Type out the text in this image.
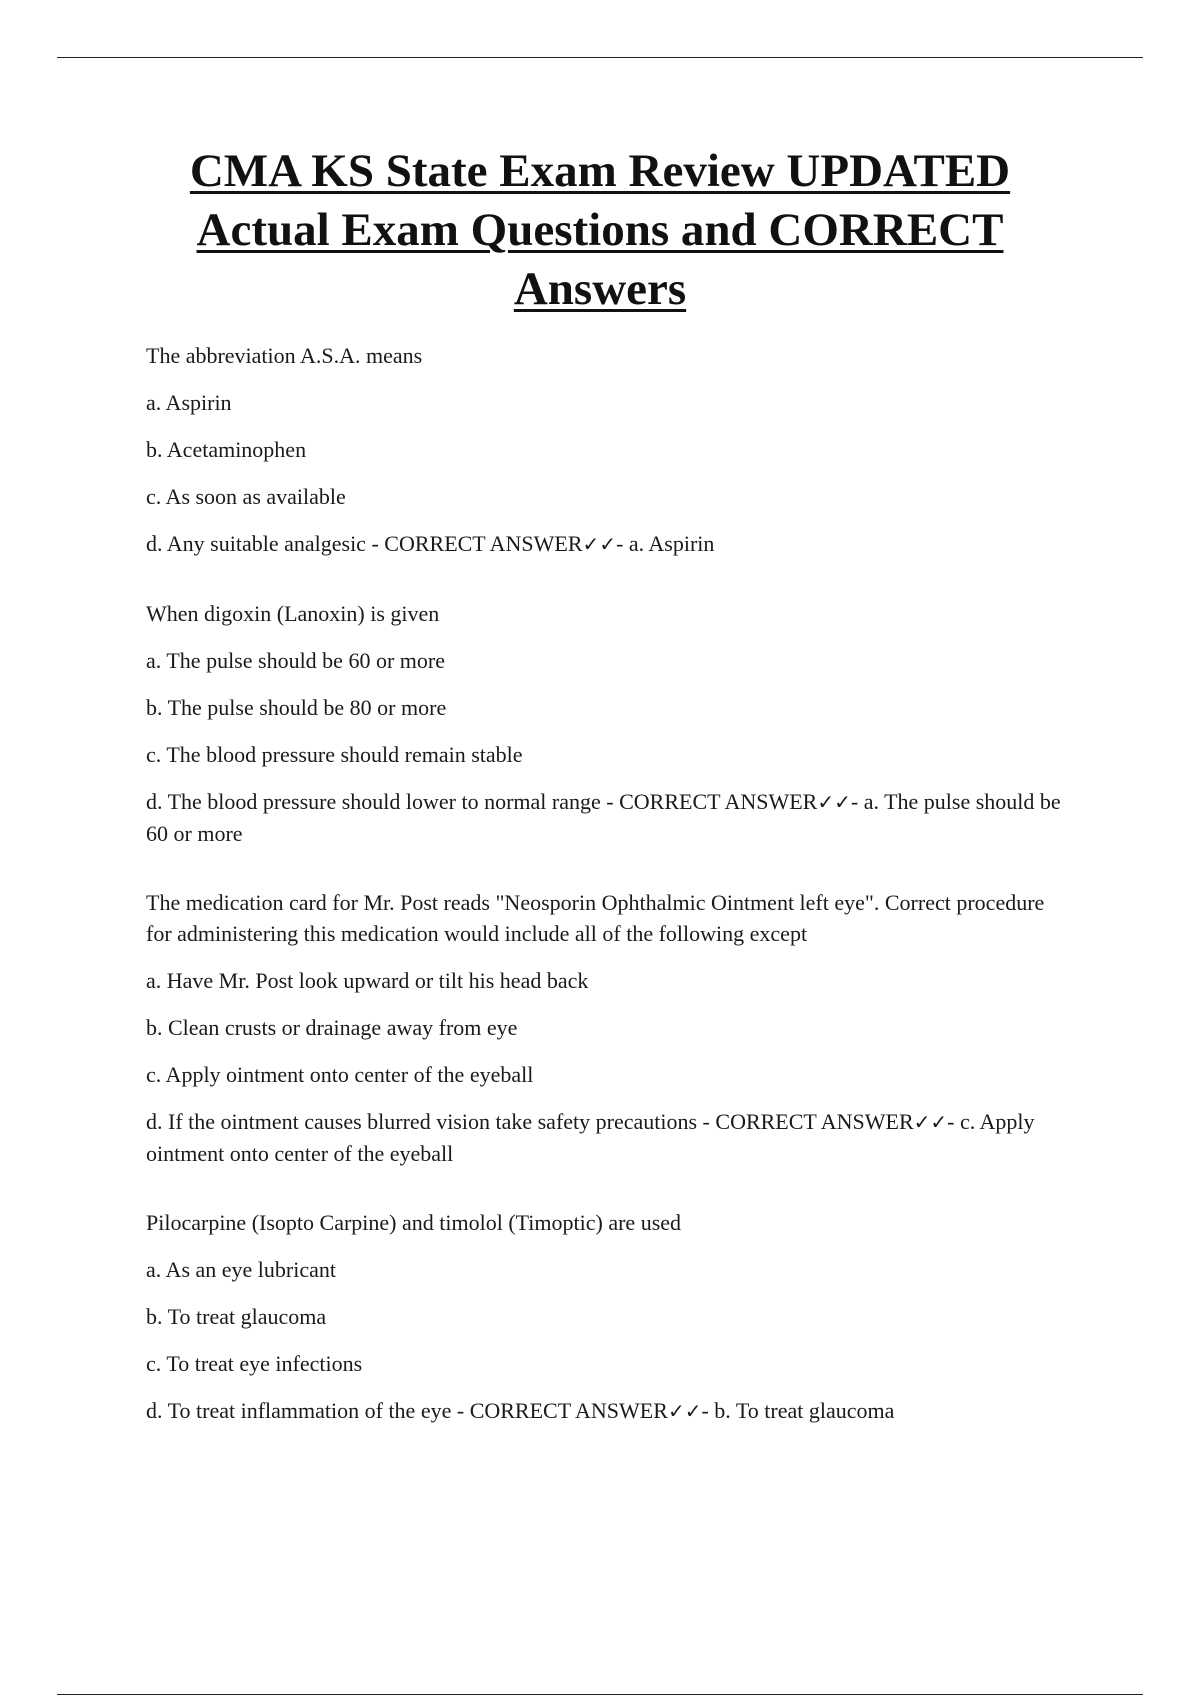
CMA KS State Exam Review UPDATED Actual Exam Questions and CORRECT Answers

The abbreviation A.S.A. means

a. Aspirin

b. Acetaminophen

c. As soon as available

d. Any suitable analgesic - CORRECT ANSWER✓✓- a. Aspirin

When digoxin (Lanoxin) is given

a. The pulse should be 60 or more

b. The pulse should be 80 or more

c. The blood pressure should remain stable

d. The blood pressure should lower to normal range - CORRECT ANSWER✓✓- a. The pulse should be 60 or more

The medication card for Mr. Post reads "Neosporin Ophthalmic Ointment left eye". Correct procedure for administering this medication would include all of the following except

a. Have Mr. Post look upward or tilt his head back

b. Clean crusts or drainage away from eye

c. Apply ointment onto center of the eyeball

d. If the ointment causes blurred vision take safety precautions - CORRECT ANSWER✓✓- c. Apply ointment onto center of the eyeball

Pilocarpine (Isopto Carpine) and timolol (Timoptic) are used

a. As an eye lubricant

b. To treat glaucoma

c. To treat eye infections

d. To treat inflammation of the eye - CORRECT ANSWER✓✓- b. To treat glaucoma
